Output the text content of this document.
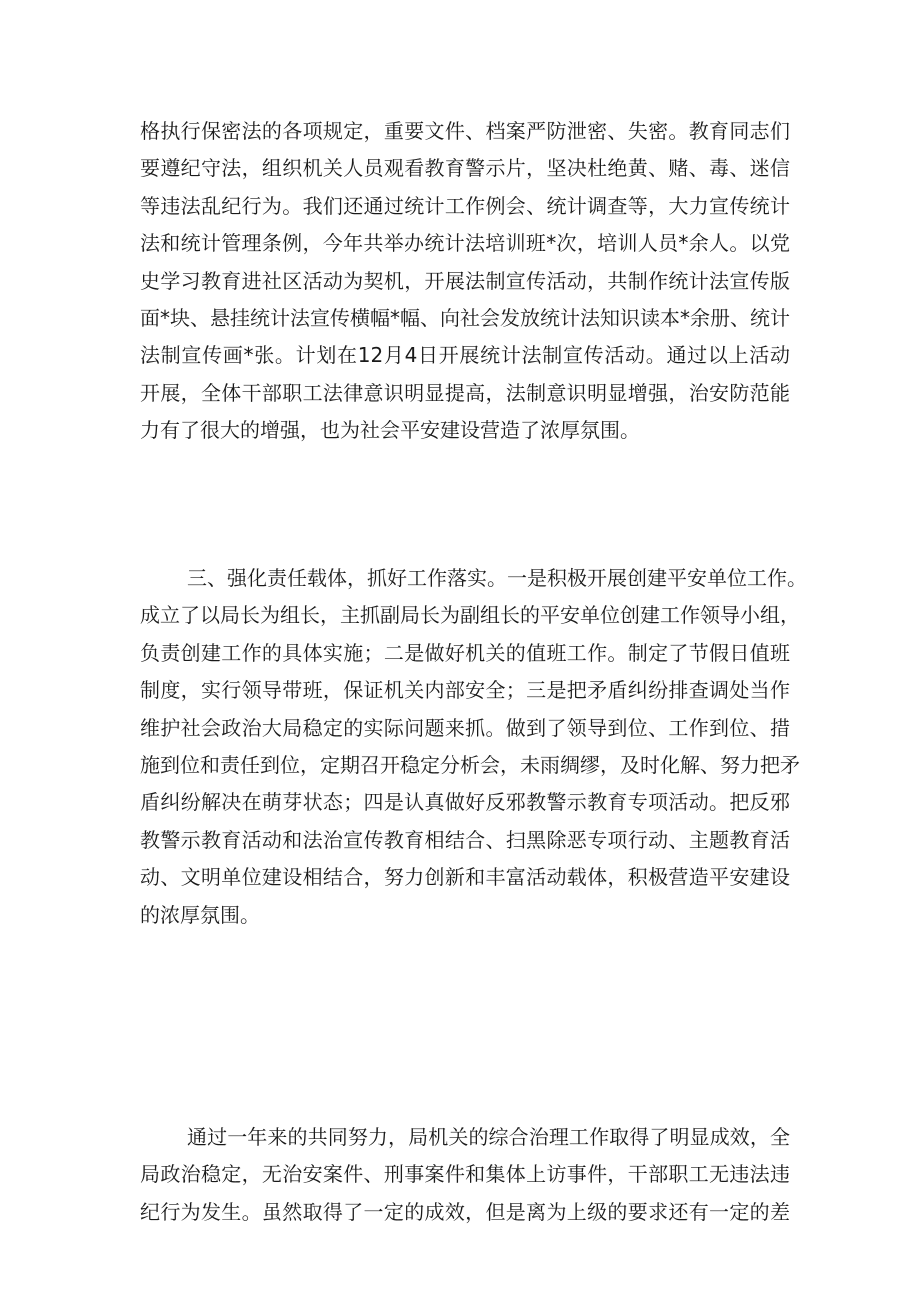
格执行保密法的各项规定，重要文件、档案严防泄密、失密。教育同志们
要遵纪守法，组织机关人员观看教育警示片，坚决杜绝黄、赌、毒、迷信
等违法乱纪行为。我们还通过统计工作例会、统计调查等，大力宣传统计
法和统计管理条例，今年共举办统计法培训班*次，培训人员*余人。以党
史学习教育进社区活动为契机，开展法制宣传活动，共制作统计法宣传版
面*块、悬挂统计法宣传横幅*幅、向社会发放统计法知识读本*余册、统计
法制宣传画*张。计划在12月4日开展统计法制宣传活动。通过以上活动
开展，全体干部职工法律意识明显提高，法制意识明显增强，治安防范能
力有了很大的增强，也为社会平安建设营造了浓厚氛围。
三、强化责任载体，抓好工作落实。一是积极开展创建平安单位工作。
成立了以局长为组长，主抓副局长为副组长的平安单位创建工作领导小组，
负责创建工作的具体实施；二是做好机关的值班工作。制定了节假日值班
制度，实行领导带班，保证机关内部安全；三是把矛盾纠纷排查调处当作
维护社会政治大局稳定的实际问题来抓。做到了领导到位、工作到位、措
施到位和责任到位，定期召开稳定分析会，未雨绸缪，及时化解、努力把矛
盾纠纷解决在萌芽状态；四是认真做好反邪教警示教育专项活动。把反邪
教警示教育活动和法治宣传教育相结合、扫黑除恶专项行动、主题教育活
动、文明单位建设相结合，努力创新和丰富活动载体，积极营造平安建设
的浓厚氛围。
通过一年来的共同努力，局机关的综合治理工作取得了明显成效，全
局政治稳定，无治安案件、刑事案件和集体上访事件，干部职工无违法违
纪行为发生。虽然取得了一定的成效，但是离为上级的要求还有一定的差
